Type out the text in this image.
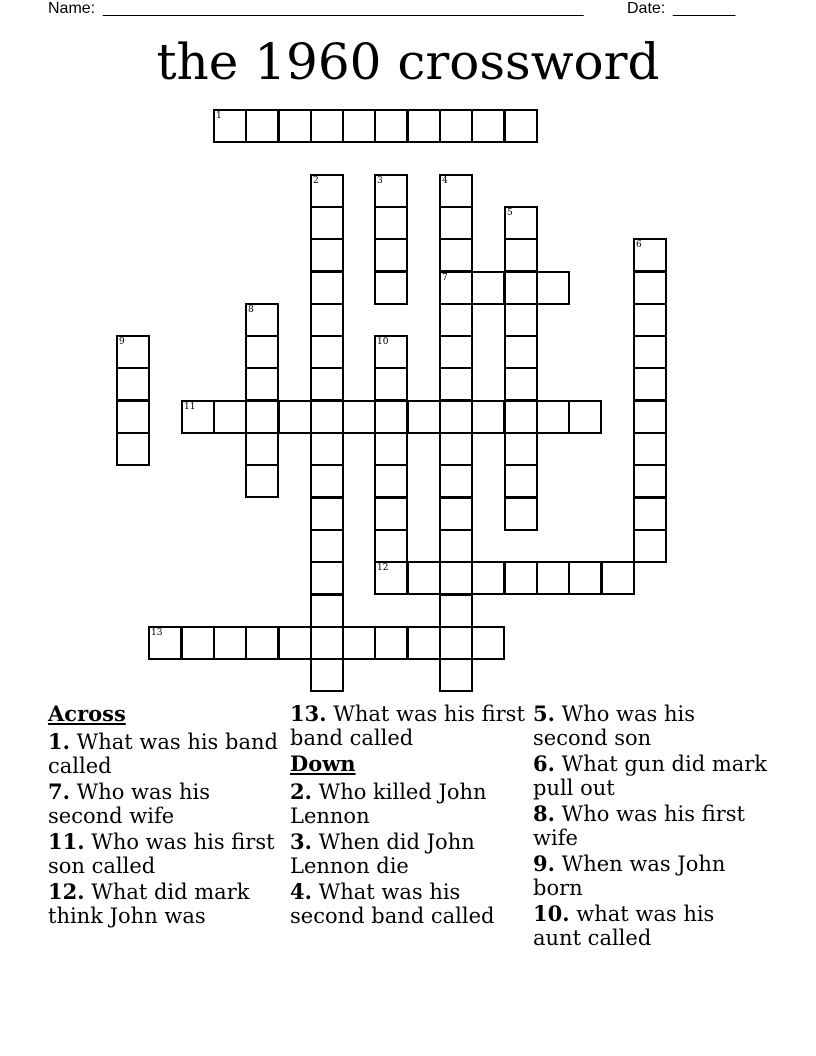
Name: ______________________________________________________	Date: _______
the 1960 crossword
1
7
11
12
13
2	3	4
5
6
8
9	10
Across
1. What was his band called
7. Who was his second wife
11. Who was his first son called
12. What did mark think John was
13. What was his first band called
Down
2. Who killed John Lennon
3. When did John Lennon die
4. What was his second band called
5. Who was his second son
6. What gun did mark pull out
8. Who was his first wife
9. When was John born
10. what was his aunt called
